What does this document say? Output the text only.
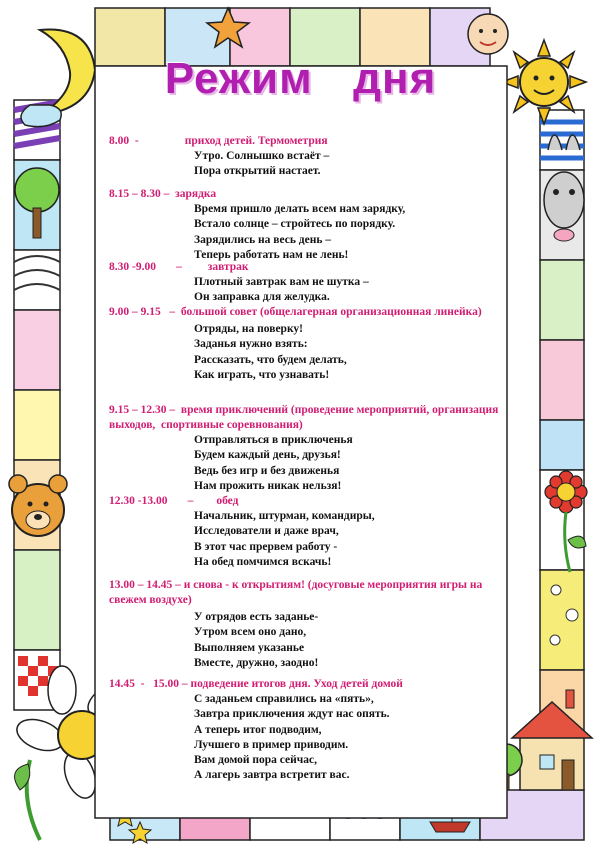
Режим дня
8.00  -                приход детей. Термометрия
Утро. Солнышко встаёт –
Пора открытий настает.
8.15 – 8.30 –  зарядка
Время пришло делать всем нам зарядку,
Встало солнце – стройтесь по порядку.
Зарядились на весь день –
Теперь работать нам не лень!
8.30 -9.00       –         завтрак
Плотный завтрак вам не шутка –
Он заправка для желудка.
9.00 – 9.15   –  большой совет (общелагерная организационная линейка)
Отряды, на поверку!
Заданья нужно взять:
Рассказать, что будем делать,
Как играть, что узнавать!
9.15 – 12.30 –  время приключений (проведение мероприятий, организация выходов,  спортивные соревнования)
Отправляться в приключенья
Будем каждый день, друзья!
Ведь без игр и без движенья
Нам прожить никак нельзя!
12.30 -13.00       –        обед
Начальник, штурман, командиры,
Исследователи и даже врач,
В этот час прервем работу -
На обед помчимся вскачь!
13.00 – 14.45 – и снова - к открытиям! (досуговые мероприятия игры на свежем воздухе)
У отрядов есть заданье-
Утром всем оно дано,
Выполняем указанье
Вместе, дружно, заодно!
14.45  -   15.00 – подведение итогов дня. Уход детей домой
С заданьем справились на «пять»,
Завтра приключения ждут нас опять.
А теперь итог подводим,
Лучшего в пример приводим.
Вам домой пора сейчас,
А лагерь завтра встретит вас.
